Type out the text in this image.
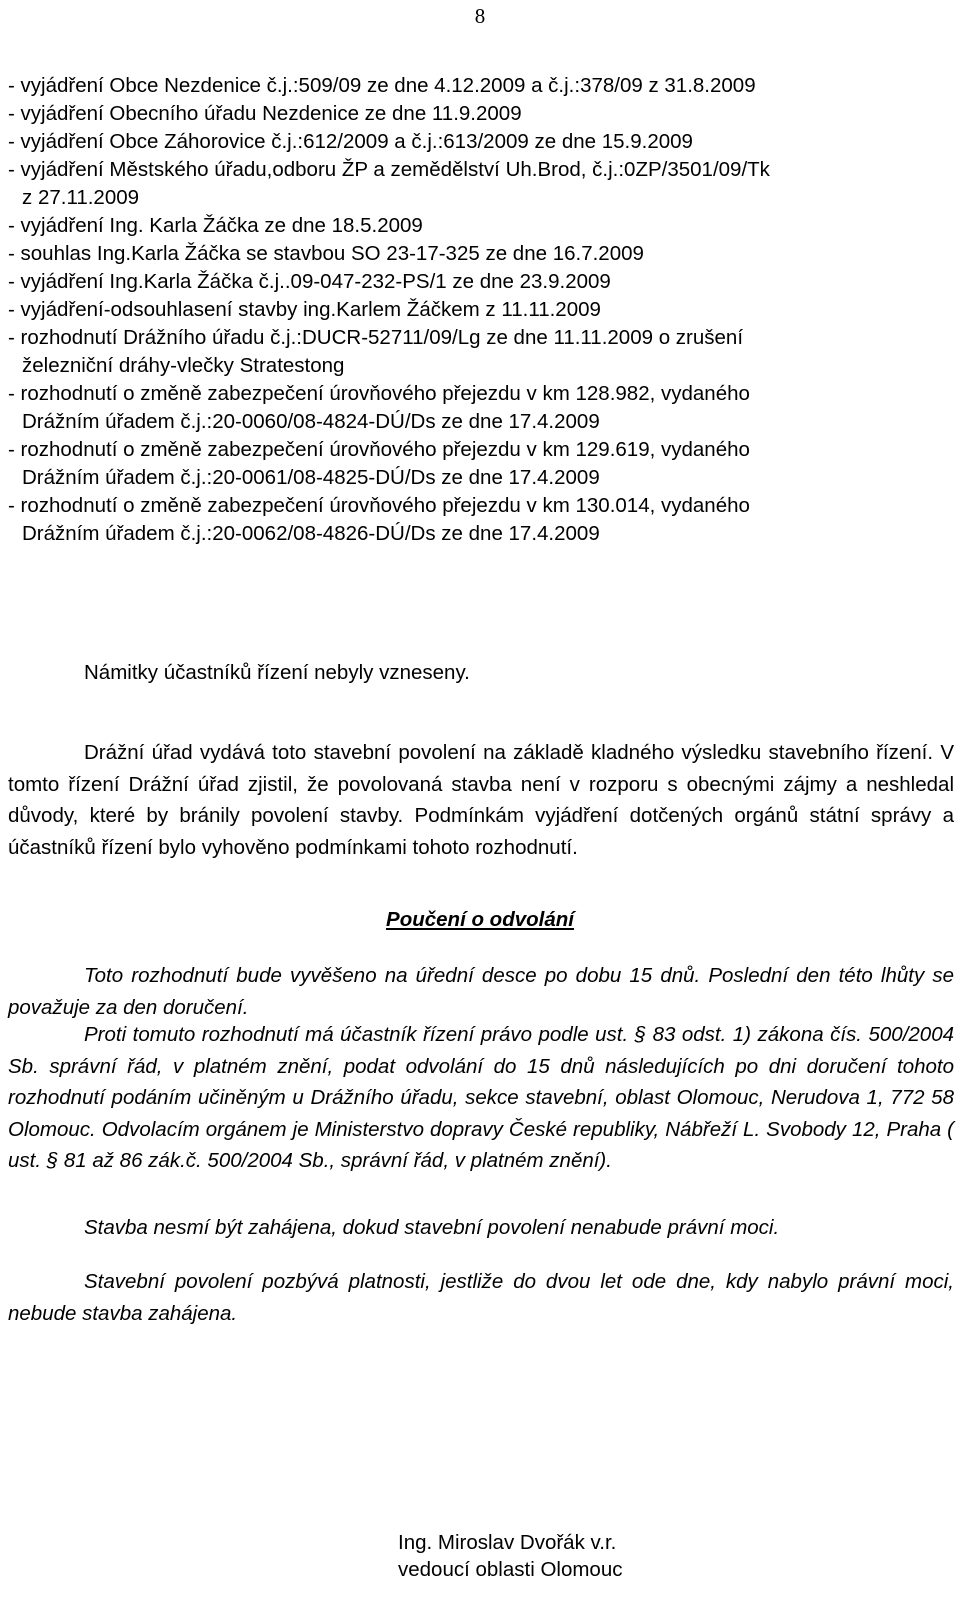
8
- vyjádření Obce Nezdenice č.j.:509/09 ze dne 4.12.2009 a č.j.:378/09 z 31.8.2009
- vyjádření Obecního úřadu Nezdenice ze dne 11.9.2009
- vyjádření Obce Záhorovice č.j.:612/2009 a č.j.:613/2009 ze dne 15.9.2009
- vyjádření Městského úřadu,odboru ŽP a zemědělství Uh.Brod, č.j.:0ZP/3501/09/Tk
z 27.11.2009
- vyjádření Ing. Karla Žáčka ze dne 18.5.2009
- souhlas Ing.Karla Žáčka se stavbou SO 23-17-325 ze dne 16.7.2009
- vyjádření Ing.Karla Žáčka č.j..09-047-232-PS/1 ze dne 23.9.2009
- vyjádření-odsouhlasení stavby ing.Karlem Žáčkem z 11.11.2009
- rozhodnutí Drážního úřadu č.j.:DUCR-52711/09/Lg ze dne 11.11.2009 o zrušení
železniční dráhy-vlečky Stratestong
- rozhodnutí o změně zabezpečení úrovňového přejezdu v km 128.982, vydaného
Drážním úřadem č.j.:20-0060/08-4824-DÚ/Ds ze dne 17.4.2009
- rozhodnutí o změně zabezpečení úrovňového přejezdu v km 129.619, vydaného
Drážním úřadem č.j.:20-0061/08-4825-DÚ/Ds ze dne 17.4.2009
- rozhodnutí o změně zabezpečení úrovňového přejezdu v km 130.014, vydaného
Drážním úřadem č.j.:20-0062/08-4826-DÚ/Ds ze dne 17.4.2009
Námitky účastníků řízení nebyly vzneseny.
Drážní úřad vydává toto stavební povolení na základě kladného výsledku stavebního řízení. V tomto řízení Drážní úřad zjistil, že povolovaná stavba není v rozporu s obecnými zájmy a neshledal důvody, které by bránily povolení stavby. Podmínkám vyjádření dotčených orgánů státní správy a účastníků řízení bylo vyhověno podmínkami tohoto rozhodnutí.
Poučení o odvolání
Toto rozhodnutí bude vyvěšeno na úřední desce po dobu 15 dnů. Poslední den této lhůty se považuje za den doručení.
Proti tomuto rozhodnutí má účastník řízení právo podle ust. § 83 odst. 1) zákona čís. 500/2004 Sb. správní řád, v platném znění, podat odvolání do 15 dnů následujících po dni doručení tohoto rozhodnutí podáním učiněným u Drážního úřadu, sekce stavební, oblast Olomouc, Nerudova 1, 772 58 Olomouc. Odvolacím orgánem je Ministerstvo dopravy České republiky, Nábřeží L. Svobody 12, Praha ( ust. § 81 až 86 zák.č. 500/2004 Sb., správní řád, v platném znění).
Stavba nesmí být zahájena, dokud stavební povolení nenabude právní moci.
Stavební povolení pozbývá platnosti, jestliže do dvou let ode dne, kdy nabylo právní moci, nebude stavba zahájena.
Ing. Miroslav Dvořák v.r.
vedoucí oblasti Olomouc
